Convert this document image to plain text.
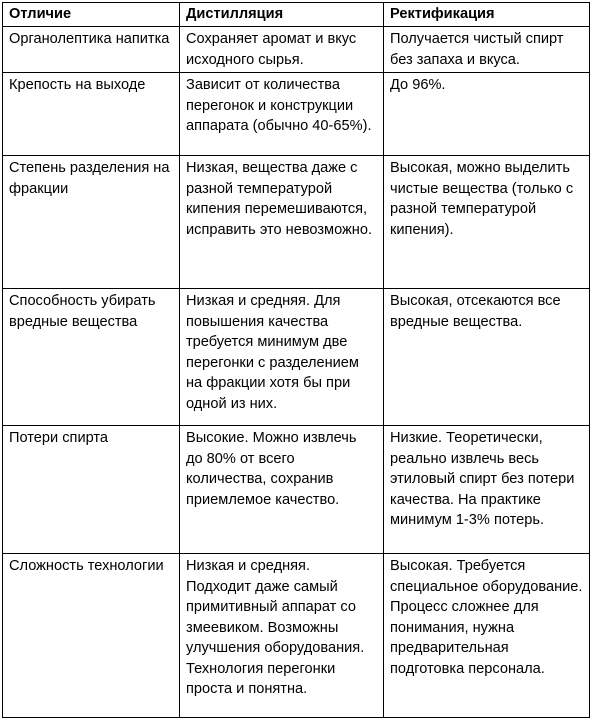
Отличие	Дистилляция	Ректификация
Органолептика напитка	Сохраняет аромат и вкус исходного сырья.	Получается чистый спирт без запаха и вкуса.
Крепость на выходе	Зависит от количества перегонок и конструкции аппарата (обычно 40-65%).	До 96%.
Степень разделения на фракции	Низкая, вещества даже с разной температурой кипения перемешиваются, исправить это невозможно.	Высокая, можно выделить чистые вещества (только с разной температурой кипения).
Способность убирать вредные вещества	Низкая и средняя. Для повышения качества требуется минимум две перегонки с разделением на фракции хотя бы при одной из них.	Высокая, отсекаются все вредные вещества.
Потери спирта	Высокие. Можно извлечь до 80% от всего количества, сохранив приемлемое качество.	Низкие. Теоретически, реально извлечь весь этиловый спирт без потери качества. На практике минимум 1-3% потерь.
Сложность технологии	Низкая и средняя. Подходит даже самый примитивный аппарат со змеевиком. Возможны улучшения оборудования. Технология перегонки проста и понятна.	Высокая. Требуется специальное оборудование. Процесс сложнее для понимания, нужна предварительная подготовка персонала.
